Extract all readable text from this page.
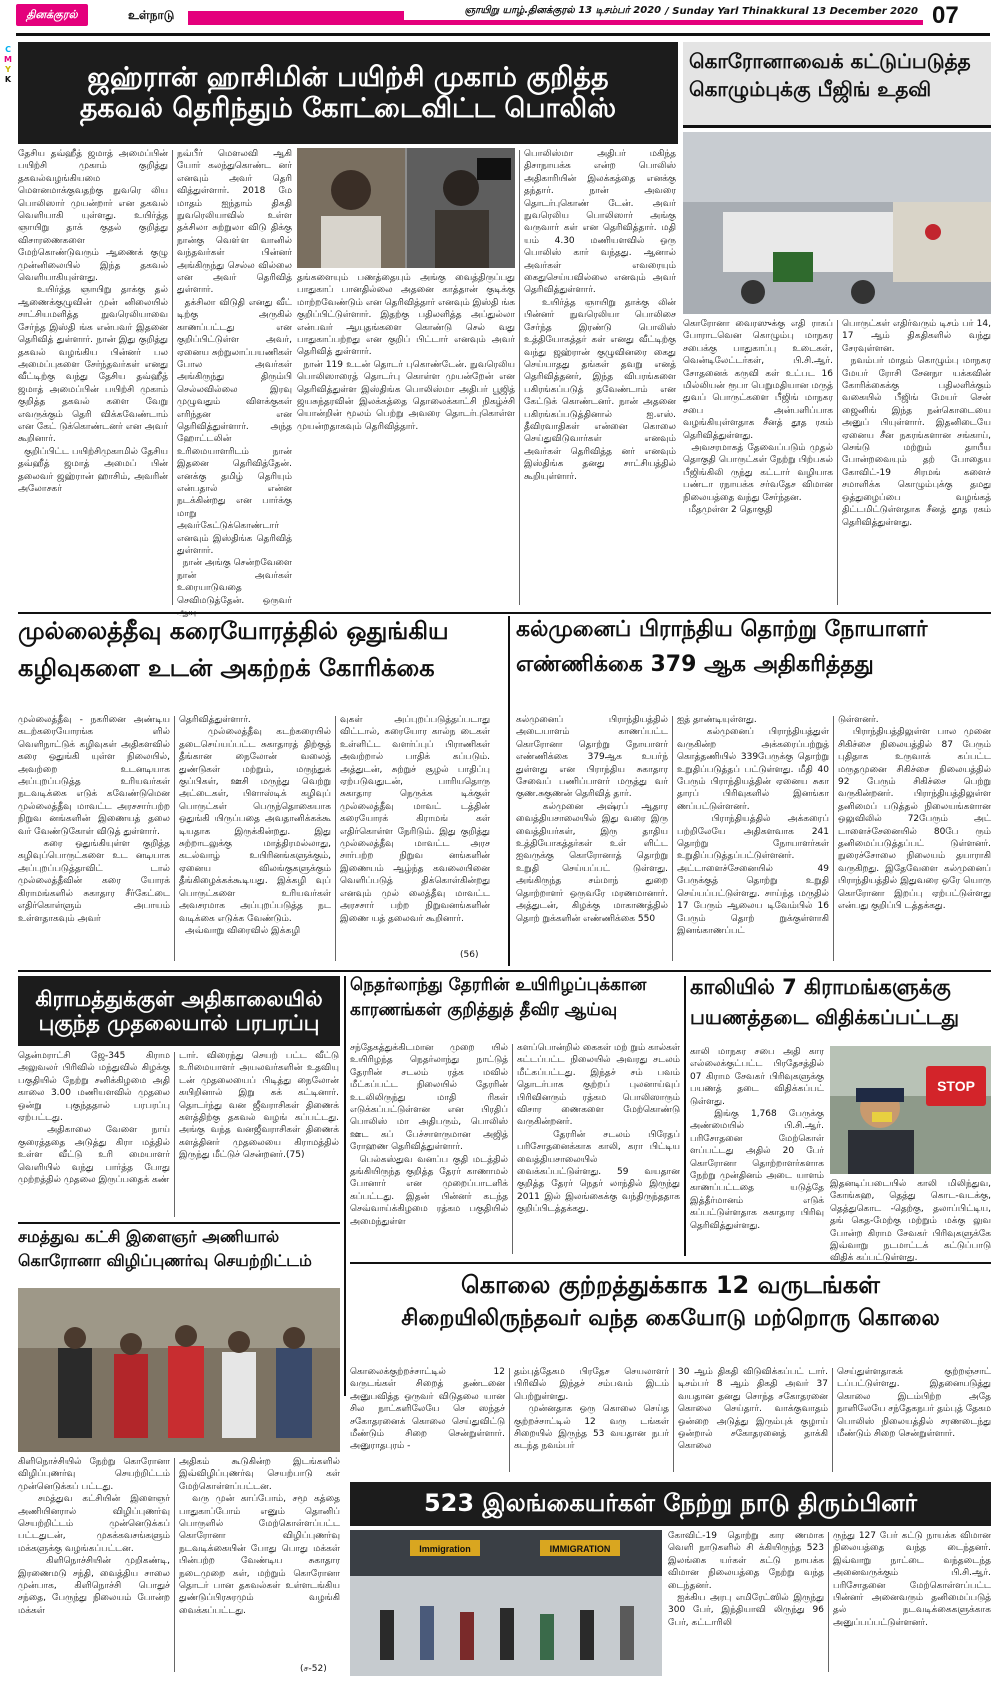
தினக்குரல்	உள்நாடு	ஞாயிறு யாழ்.தினக்குரல் 13 டிசம்பர் 2020 / Sunday Yarl Thinakkural 13 December 2020 07
C
M
Y
K	ஜஹ்ரான் ஹாசிமின் பயிற்சி முகாம் குறித்த
தகவல் தெரிந்தும் கோட்டைவிட்ட பொலிஸ்
தேசிய தவ்ஹீத் ஜமாத் அமைப்பின் பயிற்சி முகாம் குறித்து தகவல்வழங்கியமை மௌனமாக்குவதற்கு நுவரெ லிய பொலிஸார் முயன்றார் என தகவல் வெளியாகி யுள்ளது. உயிர்த்த ஞாயிறு தாக் குதல் குறித்து விசாரணைகளை மேற்கொண்டுவரும் ஆணைக் குழு முன்னிலையில் இந்த தகவல் வெளியாகியுள்ளது.
உயிர்த்த ஞாயிறு தாக்கு தல் ஆணைக்குழுவின் முன் னிலையில் சாட்சியமளித்த நுவரெலியாவை சேர்ந்த இஸ்தி ங்க என்பவர் இதனை தெரிவித் துள்ளார். நான் இது குறித்து தகவல் வழங்கிய பின்னர் பல அமைப்புகளை சேர்ந்தவர்கள் எனது வீட்டிற்கு வந்து தேசிய தவ்ஹீத் ஜமாத் அமைப்பின் பயிற்சி முகாம் குறித்த தகவல் களை வேறு எவருக்கும் தெரி விக்கவேண்டாம் என கேட் டுக்கொண்டனர் என அவர் கூறினார்.
குறிப்பிட்ட பயிற்சிமுகாமில் தேசிய தவ்ஹீத் ஜமாத் அமைப் பின் தலைவர் ஜஹ்ரான் ஹாசிம், அவரின் அலோசகர்
நவ்பீர் மௌலவி ஆகி யோர் கலந்துகொண்ட னர் எனவும் அவர் தெரி வித்துள்ளார். 2018 மே மாதம் ஐந்தாம் திகதி நுவரெலியாவில் உள்ள தக்சிலா சுற்றுலா விடு திக்கு நான்கு வௌ்ள வானில் வந்தவர்கள் பின்னர் அங்கிருந்து செல்ல வில்லை என அவர் தெரிவித் துள்ளார்.
தக்சிலா விடுதி எனது வீட் டிற்கு அருகில் காணப்பட்டது என குறிப்பிட்டுள்ள அவர், ஏனைய சுற்றுலாப்பயணிகள் போல அவர்கள் அங்கிருந்து திரும்பி செல்லவில்லை இரவு முழுவதும் விளக்குகள் எரிந்தன என தெரிவித்துள்ளார். அந்த ஹோட்டலின் உரிமையாளரிடம் நான் இதனை தெரிவித்தேன். எனக்கு தமிழ் தெரியும் என்பதால் என்ன நடக்கின்றது என பார்க்கு மாறு அவர்கேட்டுக்கொண்டார் எனவும் இஸ்திங்க தெரிவித் துள்ளார்.
நான் அங்கு சென்றவேளை நான் அவர்கள் உரையாடுவதை செவிமடுத்தேன். ஒருவர்
தங்களையும் பணத்தையும் அங்கு வைத்திருப்பது பாதுகாப் பானதில்லை அதனை காத்தான் குடிக்கு மாற்றவேண்டும் என தெரிவித்தார் எனவும் இஸ்தி ங்க குறிப்பிட்டுள்ளார். இதற்கு பதிலளித்த அப்துல்லா என்பவர் ஆயுதங்களை கொண்டு செல் வது பாதுகாப்பற்றது என குறிப் பிட்டார் எனவும் அவர் தெரிவித் துள்ளார்.
நான் 119 உடன் தொடர் புகொண்டேன். நுவரெலிய பொலிஸாரைத் தொடர்பு கொள்ள முயன்றேன் என தெரிவித்துள்ள இஸ்திங்க பொலிஸ்மா அதிபர் பூஜித் ஜயசுந்தரவின் இலக்கத்தை தொலைக்காட்சி நிகழ்ச்சி யொன்றின் மூலம் பெற்று அவரை தொடர்புகொள்ள முயன்றதாகவும் தெரிவித்தார்.
பொலிஸ்மா அதிபர் மகிந்த திசாநாயக்க என்ற பொலிஸ் அதிகாரியின் இலக்கத்தை எனக்கு தந்தார். நான் அவரை தொடர்புகொண் டேன். அவர் நுவரெலிய பொலிஸார் அங்கு வருவார் கள் என தெரிவித்தார். மதி யம் 4.30 மணியளவில் ஒரு பொலிஸ் கார் வந்தது. ஆனால் அவர்கள் எவரையும் கைதுசெய்யவில்லை எனவும் அவர் தெரிவித்துள்ளார்.
உயிர்த்த ஞாயிறு தாக்கு லின் பின்னர் நுவரெலியா பொலிசை சேர்ந்த இரண்டு பொலிஸ் உத்தியோகத்தர் கள் எனது வீட்டிற்கு வந்து ஜஹ்ரான் குழுவினரை கைது செய்யாதது தங்கள் தவறு எனத் தெரிவித்தனர், இந்த விபரங்களை பகிரங்கப்படுத் தவேண்டாம் என கேட்டுக் கொண்டனர். நான் அதனை பகிரங்கப்படுத்தினால் ஐ.எஸ். தீவிரவாதிகள் என்னை கொலை செய்துவிடுவார்கள் எனவும் அவர்கள் தெரிவித்த னர் எனவும் இஸ்திங்க தனது சாட்சியத்தில் கூறியுள்ளார்.
கொரோனாவைக் கட்டுப்படுத்த
கொழும்புக்கு பீஜிங் உதவி
கொரோனா வைரஸுக்கு எதி ராகப் போராடவென கொழும்பு மாநகர சபைக்கு பாதுகாப்பு உடைகள், வென்டிலேட்டர்கள், பி.சி.ஆர். சோதனைக் கருவி கள் உட்பட 16 மில்லியன் ரூபா பெறுமதியான மருத் துவப் பொருட்களை பீஜிங் மாநகர சபை அன்பளிப்பாக வழங்கியுள்ளதாக சீனத் தூத ரகம் தெரிவித்துள்ளது.
அவசரமாகத் தேவைப்படும் முதல் தொகுதி பொருட்கள் நேற்று பிற்பகல் பீஜிங்கிலி ருந்து கட்டார் வழியாக பண்டா ரநாயக்க சர்வதேச விமான நிலையத்தை வந்து சேர்ந்தன.
மீதமுள்ள 2 தொகுதி
பொருட்கள் எதிர்வரும் டிசம் பர் 14, 17 ஆம் திகதிகளில் வந்து சேரவுள்ளன.
நவம்பர் மாதம் கொழும்பு மாநகர மேயர் ரோசி சேனநா யக்கவின் கோரிக்கைக்கு பதிலளிக்கும் வகையில் பீஜிங் மேயர் சென் ஜைனிங் இந்த நன்கொடையை அனுப் பியுள்ளார். இதனிடையே ஏனைய சீன நகரங்களான சங்காய், செங்டு மற்றும் தாயீய போன்றவையும் தற் போதைய கோவிட்-19 சிரமங் களைச் சமாளிக்க கொழும்புக்கு தமது ஒத்துழைப்பை வழங்கத் திட்டமிட்டுள்ளதாக சீனத் தூத ரகம் தெரிவித்துள்ளது.
முல்லைத்தீவு கரையோரத்தில் ஒதுங்கிய
கழிவுகளை உடன் அகற்றக் கோரிக்கை
முல்லைத்தீவு - நகரினை அண்டிய கடற்கரையோரங்க ளில் வெளிநாட்டுக் கழிவுகள் அதிகளவில் கரை ஒதுங்கி யுள்ள நிலையில், அவற்றை உடனடியாக அப்புறப்படுத்த உரியவர்கள் நடவடிக்கை எடுக் கவேண்டுமென முல்லைத்தீவு மாவட்ட அரசசார்பற்ற நிறுவ னங்களின் இணையத் தலை வர் வேண்டுகோள் விடுத் துள்ளார்.
கரை ஒதுங்கியுள்ள குறித்த கழிவுப்பொருட்களை உட னடியாக அப்புறப்படுத்தாவிட் டால் முல்லைத்தீவின் கரை யோரக் கிராமங்களில் சுகாதார சீர்கேட்டை எதிர்கொள்ளும் அபாயம் உள்ளதாகவும் அவர்
தெரிவித்துள்ளார்.
முல்லைத்தீவு கடற்கரையில் தடைசெய்யப்பட்ட சுகாதாரத் திற்குத் தீங்கான நைலோன் வலைத் துண்டுகள் மற்றும், மருந்துக் குப்பிகள், ஊசி மருந்து வெற்று அட்டைகள், பிளாஸ்டிக் கழிவுப் பொருட்கள் பெருந்தொகையாக ஒதுங்கி யிருப்பதை அவதானிக்கக்கூ டியதாக இருக்கின்றது. இது சுற்றாடலுக்கு மாத்திரமல்லாது, கடல்வாழ் உயிரினங்களுக்கும், ஏனைய விலங்குகளுக்கும் தீங்கிழைக்கக்கூடியது. இக்கழி வுப் பொருட்களை உரியவர்கள் அவசரமாக அப்புறப்படுத்த நட வடிக்கை எடுக்க வேண்டும்.
அவ்வாறு விரைவில் இக்கழி
வுகள் அப்புறப்படுத்தப்படாது விட்டால், கரையோர கால்ந டைகள் உள்ளிட்ட வளர்ப்புப் பிராணிகள் அவற்றால் பாதிக் கப்படும். அத்துடன், சுற்றுச் சூழல் பாதிப்பு ஏற்படுவதுடன், பாரியதொரு சுகாதார நெருக்க டிக்குள் முல்லைத்தீவு மாவட் டத்தின் கரையோரக் கிராமங் கள் எதிர்கொள்ள நேரிடும். இது குறித்து முல்லைத்தீவு மாவட்ட அரச சார்பற்ற நிறுவ னங்களின் இணையம் ஆழ்ந்த கவலையினை வெளிப்படுத் திக்கொள்கின்றது எனவும் முல் லைத்தீவு மாவட்ட அரசசார் பற்ற நிறுவனங்களின் இணை யத் தலைவர் கூறினார்.
(56)
கல்முனைப் பிராந்திய தொற்று நோயாளர்
எண்ணிக்கை 379 ஆக அதிகரித்தது
கல்முனைப் பிராந்தியத்தில் அடையாளம் காணப்பட்ட கொரோனா தொற்று நோயாளர் எண்ணிக்கை 379ஆக உயர்ந் துள்ளது என பிராந்திய சுகாதார சேவைப் பணிப்பாளர் மருத்து வர் குண.சுகுணன் தெரிவித் தார்.
கல்முனை அஷ்ரப் ஆதார வைத்தியசாலையில் இது வரை இரு வைத்தியர்கள், இரு தாதிய உத்தியோகத்தர்கள் உள் ளிட்ட ஐவருக்கு கொரோனாத் தொற்று உறுதி செய்யப்பட் டுள்ளது. அங்கிருந்த சம்மாந் துறை தொற்றாளர் ஒருவரே மரணமானார். அத்துடன், கிழக்கு மாகாணத்தில் தொற் றுக்களின் எண்ணிக்கை 550
ஐத் தாண்டியுள்ளது.
கல்முனைப் பிராந்தியத்துள் வருகின்ற அக்கரைப்பற்றுத் கொத்தணியில் 339பேருக்கு தொற்று உறுதிப்படுத்தப் பட்டுள்ளது. மீதி 40 பேரும் பிராந்தியத்தின் ஏனைய சுகா தாரப் பிரிவுகளில் இனங்கா ணப்பட்டுள்ளனர்.
பிராந்தியத்தில் அக்கரைப் பற்றிலேயே அதிகளவாக 241 தொற்று நோயாளர்கள் உறுதிப்படுத்தப்பட்டுள்ளனர். அட்டாளைச்சேனையில் 49 பேருக்குத் தொற்று உறுதி செய்யப்பட்டுள்ளது. சாய்ந்த மருதில் 17 பேரும் ஆலைய டிவேம்பில் 16 பேரும் தொற் றுக்குள்ளாகி இனங்காணப்பட்
டுள்ளனர்.
பிராந்தியத்திலுள்ள பால முனை சிகிச்சை நிலையத்தில் 87 பேரும் புதிதாக உருவாக் கப்பட்ட மருதமுனை சிகிச்சை நிலையத்தில் 92 பேரும் சிகிச்சை பெற்று வருகின்றனர். பிராந்தியத்திலுள்ள தனிமைப் படுத்தல் நிலையங்களான ஒலுவிலில் 72பேரும் அட் டாளைச்சேனையில் 80பே ரும் தனிமைப்படுத்தப்பட் டுள்ளனர். நுரைச்சோலை நிலையம் தயாராகி வருகிறது. இதேவேளை கல்முனைப் பிராந்தியத்தில் இதுவரை ஒரே யொரு கொரோனா இறப்பு ஏற்பட்டுள்ளது என்பது குறிப்பி டத்தக்கது.
கிராமத்துக்குள் அதிகாலையில்
புகுந்த முதலையால் பரபரப்பு
தென்மராட்சி ஜே-345 கிராம அலுவலர் பிரிவில் மந்துவில் கிழக்கு பகுதியில் நேற்று சனிக்கிழமை அதி காலை 3.00 மணியளவில் முதலை ஒன்று புகுந்ததால் பரபரப்பு ஏற்பட்டது.
அதிகாலை வேளை நாய் குரைத்ததை அடுத்து கிரா மத்தில் உள்ள வீட்டு உரி மையாளர் வெளியில் வந்து பார்த்த போது முற்றத்தில் முதலை இருப்பதைக் கண்
டார். விரைந்து செயற் பட்ட வீட்டு உரிமையாளர் அயலவர்களின் உதவியு டன் முதலையைப் பிடித்து நைலோன் கயிறினால் இறு கக் கட்டினார். தொடர்ந்து வன ஜீவராசிகள் திணைக் களத்திற்கு தகவல் வழங் கப்பட்டது. அங்கு வந்த வனஜீவராசிகள் திணைக் களத்தினர் முதலையை கிராமத்தில் இருந்து மீட்டுச் சென்றனர்.(75)
நெதர்லாந்து தேரரின் உயிரிழப்புக்கான
காரணங்கள் குறித்துத் தீவிர ஆய்வு
சந்தேகத்துக்கிடமான முறை யில் உயிரிழந்த நெதர்லாந்து நாட்டுத் தேரரின் சடலம் ரத்க மவில் மீட்கப்பட்ட நிலையில் தேரரின் உடலிலிருந்து மாதி ரிகள் எடுக்கப்பட்டுள்ளன என பிரதிப் பொலிஸ் மா அதிபரும், பொலிஸ் ஊட கப் பேச்சாளருமான அஜித் ரோஹண தெரிவித்துள்ளார்.
பெல்கஸ்துவ வனப்ப குதி மடத்தில் தங்கியிருந்த குறித்த தேரர் காணாமல் போனார் என முறைப்பாடளிக் கப்பட்டது. இதன் பின்னர் கடந்த செவ்வாய்க்கிழமை ரத்கம பகுதியில் அமைந்துள்ள
களப்பொன்றில் கைகள் மற் றும் கால்கள் கட்டப்பட்ட நிலையில் அவரது சடலம் மீட்கப்பட்டது. இந்தச் சம் பவம் தொடர்பாக குற்றப் புலனாய்வுப் பிரிவினரும் ரத்கம பொலிஸாரும் விசார ணைகளை மேற்கொண்டு வருகின்றனர்.
தேரரின் சடலம் பிரேதப் பரிசோதனைக்காக காலி, கரா பிட்டிய வைத்தியசாலையில் வைக்கப்பட்டுள்ளது. 59 வயதான குறித்த தேரர் நெதர் லாந்தில் இருந்து 2011 இல் இலங்கைக்கு வந்திருந்ததாக குறிப்பிடத்தக்கது.
காலியில் 7 கிராமங்களுக்கு
பயணத்தடை விதிக்கப்பட்டது
காலி மாநகர சபை அதி கார எல்லைக்குட்பட்ட பிரதேசத்தில் 07 கிராம சேவகர் பிரிவுகளுக்கு பயணத் தடை விதிக்கப்பட் டுள்ளது.
இங்கு 1,768 பேருக்கு அண்மையில் பி.சி.ஆர். பரிசோதனை மேற்கொள் ளப்பட்டது அதில் 20 பேர் கொரோனா தொற்றாளர்களாக நேற்று முன்தினம் அடை யாளம் காணப்பட்டதை யடுத்தே இத்தீர்மானம் எடுக் கப்பட்டுள்ளதாக சுகாதார பிரிவு தெரிவித்துள்ளது.
STOP
இதனடிப்படையில் காலி மிலிந்துவ, கோங்கஹ, தெத்து கொட-வடக்கு, தெத்துகொட -தெற்கு, தலாப்பிட்டிய, தங் கெத-மேற்கு மற்றும் மக்கு லுவ போன்ற கிராம சேவகர் பிரிவுகளுக்கே இவ்வாறு நடமாட்டக் கட்டுப்பாடு விதிக் கப்பட்டுள்ளது.
சமத்துவ கட்சி இளைஞர் அணியால்
கொரோனா விழிப்புணர்வு செயற்றிட்டம்
கிளிநொச்சியில் நேற்று கொரோனா விழிப்புணர்வு செயற்றிட்டம் முன்னெடுக்கப் பட்டது.
சமத்துவ கட்சியின் இளைஞர் அணியினரால் விழிப்புணர்வு செயற்றிட்டம் முன்னெடுக்கப் பட்டதுடன், முகக்கவசங்களும் மக்களுக்கு வழங்கப்பட்டன.
கிளிநொச்சியின் முறிகண்டி, இரணைமடு சந்தி, வைத்திய சாலை முன்பாக, கிளிநொச்சி பொதுச் சந்தை, பேருந்து நிலையம் போன்ற மக்கள்
அதிகம் கூடுகின்ற இடங்களில் இவ்விழிப்புணர்வு செயற்பாடு கள் மேற்கொள்ளப்பட்டன.
வரு முன் காப்போம், சமூ கத்தை பாதுகாப்போம் எனும் தொனிப் பொருளில் மேற்கொள்ளப்பட்ட கொரோனா விழிப்புணர்வு நடவடிக்கையின் போது பொது மக்கள் பின்பற்ற வேண்டிய சுகாதார நடைமுறை கள், மற்றும் கொரோனா தொடர் பான தகவல்கள் உள்ளடங்கிய துண்டுப்பிரசுரமும் வழங்கி வைக்கப்பட்டது.
(ச-52)
கொலை குற்றத்துக்காக 12 வருடங்கள்
சிறையிலிருந்தவர் வந்த கையோடு மற்றொரு கொலை
கொலைக்குற்றச்சாட்டில் 12 வருடங்கள் சிறைத் தண்டனை அனுபவித்த ஒருவர் விடுதலை யான சில நாட்களிலேயே செ ஸந்தச் சகோதரனைக் கொலை செய்துவிட்டு மீண்டும் சிறை சென்றுள்ளார். அனுராதபுரம் -
தம்புத்தேகம பிரதேச செயலாளர் பிரிவில் இந்தச் சம்பவம் இடம் பெற்றுள்ளது.
முன்னதாக ஒரு கொலை செய்த குற்றச்சாட்டில் 12 வரு டங்கள் சிறையில் இருந்த 53 வயதான நபர் கடந்த நவம்பர்
30 ஆம் திகதி விடுவிக்கப்பட் டார். டிசம்பர் 8 ஆம் திகதி அவர் 37 வயதான தனது சொந்த சகோதரனை கொலை செய்தார். வாக்குவாதம் ஒன்றை அடுத்து இரும்புக் குழாய் ஒன்றால் சகோதரனைத் தாக்கி கொலை
செய்துள்ளதாகக் குற்றஞ்சாட் டப்பட்டுள்ளது. இதனையடுத்து கொலை இடம்பிற்ற அதே நாளிலேயே சந்தேகநபர் தம்புத் தேகம பொலிஸ் நிலையத்தில் சரணடைந்து மீண்டும் சிறை சென்றுள்ளார்.
523 இலங்கையர்கள் நேற்று நாடு திரும்பினர்
Immigration	IMMIGRATION
கோவிட்-19 தொற்று கார ணமாக வெளி நாடுகளில் சி க்கியிருந்த 523 இலங்கை யர்கள் கட்டு நாயக்க விமான நிலையத்தை நேற்று வந்த டைந்தனர்.
ஐக்கிய அரபு எமிரேட்ஸில் இருந்து 300 பேர், இந்தியாவி லிருந்து 96 பேர், கட்டாரிலி
ருந்து 127 பேர் கட்டு நாயக்க விமான நிலையத்தை வந்த டைந்தனர். இவ்வாறு நாட்டை வந்தடைந்த அனைவருக்கும் பி.சி.ஆர். பரிசோதனை மேற்கொள்ளப்பட்ட பின்னர் அனைவரும் தனிமைப்படுத் தல் நடவடிக்கைகளுக்காக அனுப்பப்பட்டுள்ளனர்.
